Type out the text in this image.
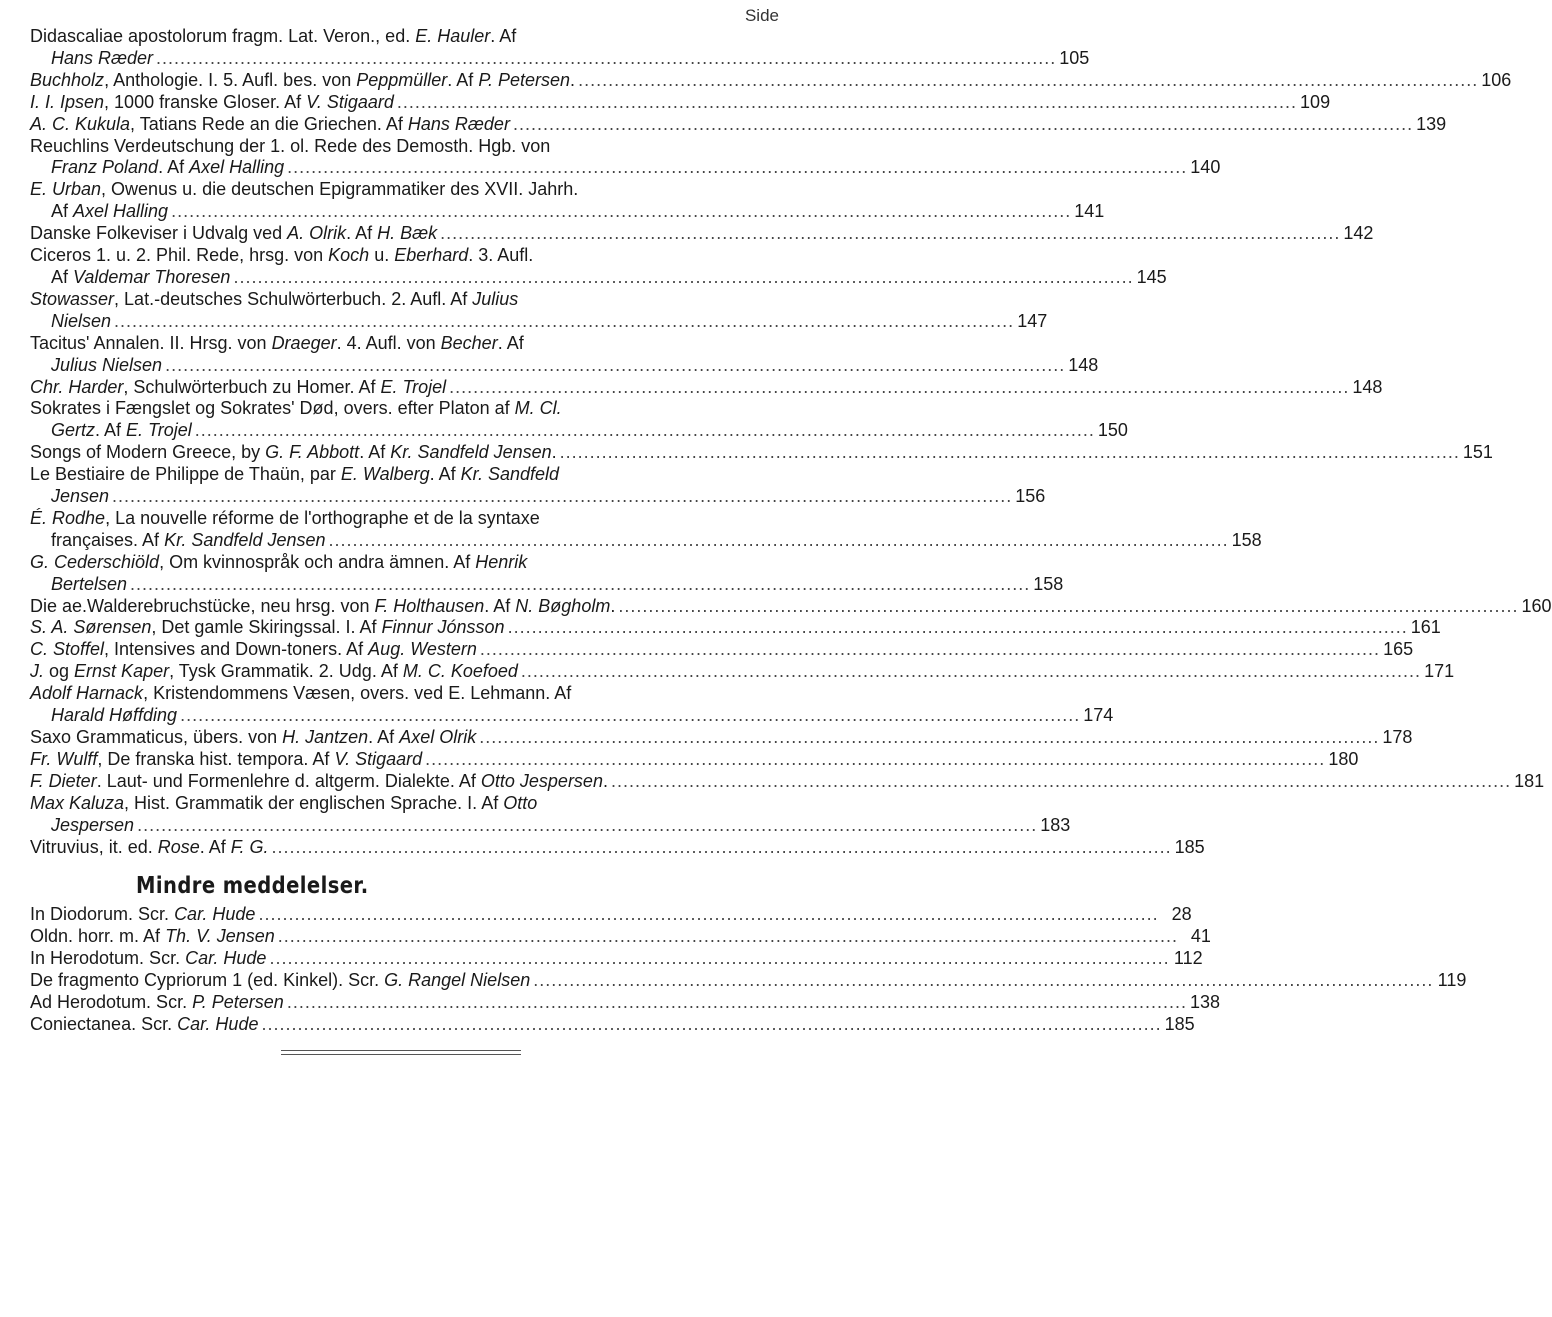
Side
Didascaliae apostolorum fragm. Lat. Veron., ed. E. Hauler. Af
Hans Ræder .....	105
Buchholz, Anthologie. I. 5. Aufl. bes. von Peppmüller. Af P. Petersen. .....	106
I. I. Ipsen, 1000 franske Gloser. Af V. Stigaard .....	109
A. C. Kukula, Tatians Rede an die Griechen. Af Hans Ræder .....	139
Reuchlins Verdeutschung der 1. ol. Rede des Demosth. Hgb. von
Franz Poland. Af Axel Halling .....	140
E. Urban, Owenus u. die deutschen Epigrammatiker des XVII. Jahrh.
Af Axel Halling .....	141
Danske Folkeviser i Udvalg ved A. Olrik. Af H. Bæk .....	142
Ciceros 1. u. 2. Phil. Rede, hrsg. von Koch u. Eberhard. 3. Aufl.
Af Valdemar Thoresen .....	145
Stowasser, Lat.-deutsches Schulwörterbuch. 2. Aufl. Af Julius
Nielsen .....	147
Tacitus' Annalen. II. Hrsg. von Draeger. 4. Aufl. von Becher. Af
Julius Nielsen .....	148
Chr. Harder, Schulwörterbuch zu Homer. Af E. Trojel .....	148
Sokrates i Fængslet og Sokrates' Død, overs. efter Platon af M. Cl.
Gertz. Af E. Trojel .....	150
Songs of Modern Greece, by G. F. Abbott. Af Kr. Sandfeld Jensen. .....	151
Le Bestiaire de Philippe de Thaün, par E. Walberg. Af Kr. Sandfeld
Jensen .....	156
É. Rodhe, La nouvelle réforme de l'orthographe et de la syntaxe
françaises. Af Kr. Sandfeld Jensen .....	158
G. Cederschiöld, Om kvinnospråk och andra ämnen. Af Henrik
Bertelsen .....	158
Die ae.Walderebruchstücke, neu hrsg. von F. Holthausen. Af N. Bøgholm. .....	160
S. A. Sørensen, Det gamle Skiringssal. I. Af Finnur Jónsson .....	161
C. Stoffel, Intensives and Down-toners. Af Aug. Western .....	165
J. og Ernst Kaper, Tysk Grammatik. 2. Udg. Af M. C. Koefoed .....	171
Adolf Harnack, Kristendommens Væsen, overs. ved E. Lehmann. Af
Harald Høffding .....	174
Saxo Grammaticus, übers. von H. Jantzen. Af Axel Olrik .....	178
Fr. Wulff, De franska hist. tempora. Af V. Stigaard .....	180
F. Dieter. Laut- und Formenlehre d. altgerm. Dialekte. Af Otto Jespersen. .....	181
Max Kaluza, Hist. Grammatik der englischen Sprache. I. Af Otto
Jespersen .....	183
Vitruvius, it. ed. Rose. Af F. G. .....	185
Mindre meddelelser.
In Diodorum. Scr. Car. Hude .....	28
Oldn. horr. m. Af Th. V. Jensen .....	41
In Herodotum. Scr. Car. Hude .....	112
De fragmento Cypriorum 1 (ed. Kinkel). Scr. G. Rangel Nielsen .....	119
Ad Herodotum. Scr. P. Petersen .....	138
Coniectanea. Scr. Car. Hude .....	185
